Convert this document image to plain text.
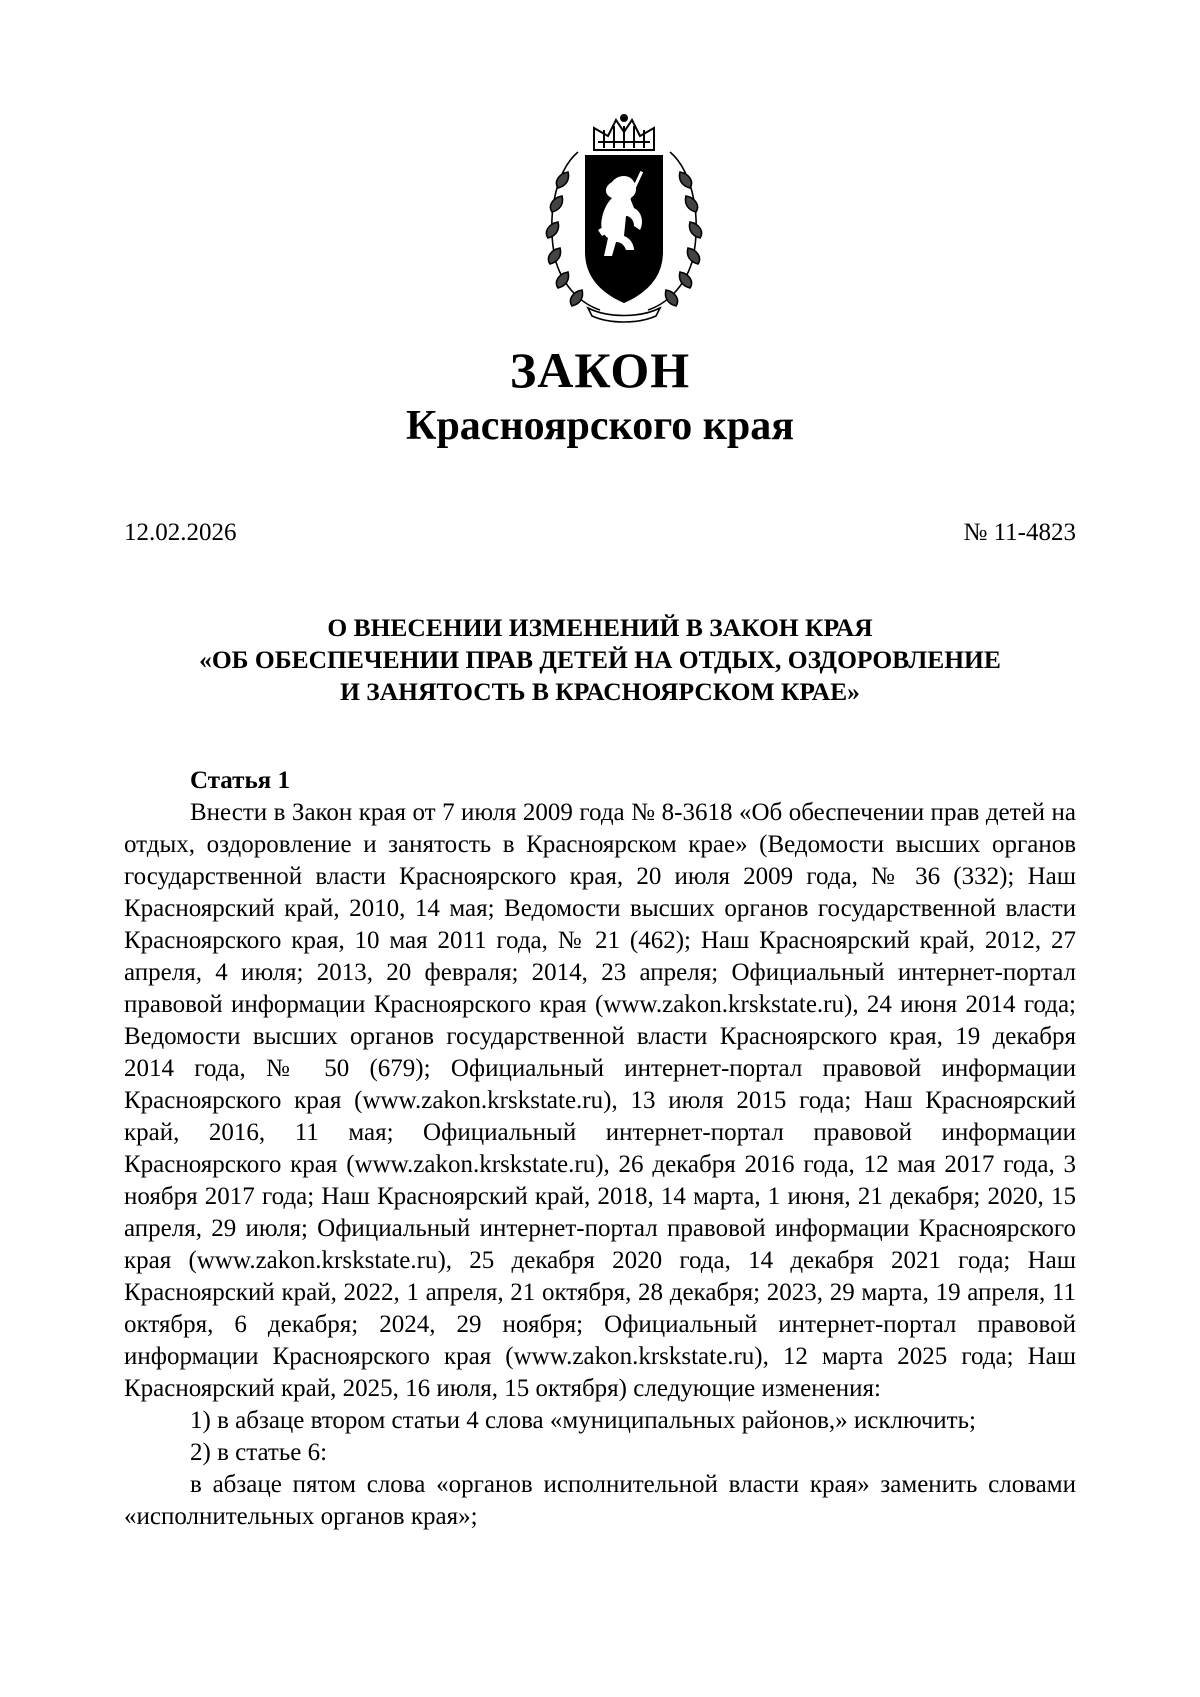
ЗАКОН
Красноярского края
12.02.2026	№ 11-4823
О ВНЕСЕНИИ ИЗМЕНЕНИЙ В ЗАКОН КРАЯ
«ОБ ОБЕСПЕЧЕНИИ ПРАВ ДЕТЕЙ НА ОТДЫХ, ОЗДОРОВЛЕНИЕ
И ЗАНЯТОСТЬ В КРАСНОЯРСКОМ КРАЕ»
Статья 1

Внести в Закон края от 7 июля 2009 года № 8-3618 «Об обеспечении прав детей на отдых, оздоровление и занятость в Красноярском крае» (Ведомости высших органов государственной власти Красноярского края, 20 июля 2009 года, № 36 (332); Наш Красноярский край, 2010, 14 мая; Ведомости высших органов государственной власти Красноярского края, 10 мая 2011 года, № 21 (462); Наш Красноярский край, 2012, 27 апреля, 4 июля; 2013, 20 февраля; 2014, 23 апреля; Официальный интернет-портал правовой информации Красноярского края (www.zakon.krskstate.ru), 24 июня 2014 года; Ведомости высших органов государственной власти Красноярского края, 19 декабря 2014 года, № 50 (679); Официальный интернет-портал правовой информации Красноярского края (www.zakon.krskstate.ru), 13 июля 2015 года; Наш Красноярский край, 2016, 11 мая; Официальный интернет-портал правовой информации Красноярского края (www.zakon.krskstate.ru), 26 декабря 2016 года, 12 мая 2017 года, 3 ноября 2017 года; Наш Красноярский край, 2018, 14 марта, 1 июня, 21 декабря; 2020, 15 апреля, 29 июля; Официальный интернет-портал правовой информации Красноярского края (www.zakon.krskstate.ru), 25 декабря 2020 года, 14 декабря 2021 года; Наш Красноярский край, 2022, 1 апреля, 21 октября, 28 декабря; 2023, 29 марта, 19 апреля, 11 октября, 6 декабря; 2024, 29 ноября; Официальный интернет-портал правовой информации Красноярского края (www.zakon.krskstate.ru), 12 марта 2025 года; Наш Красноярский край, 2025, 16 июля, 15 октября) следующие изменения:

1) в абзаце втором статьи 4 слова «муниципальных районов,» исключить;

2) в статье 6:

в абзаце пятом слова «органов исполнительной власти края» заменить словами «исполнительных органов края»;
